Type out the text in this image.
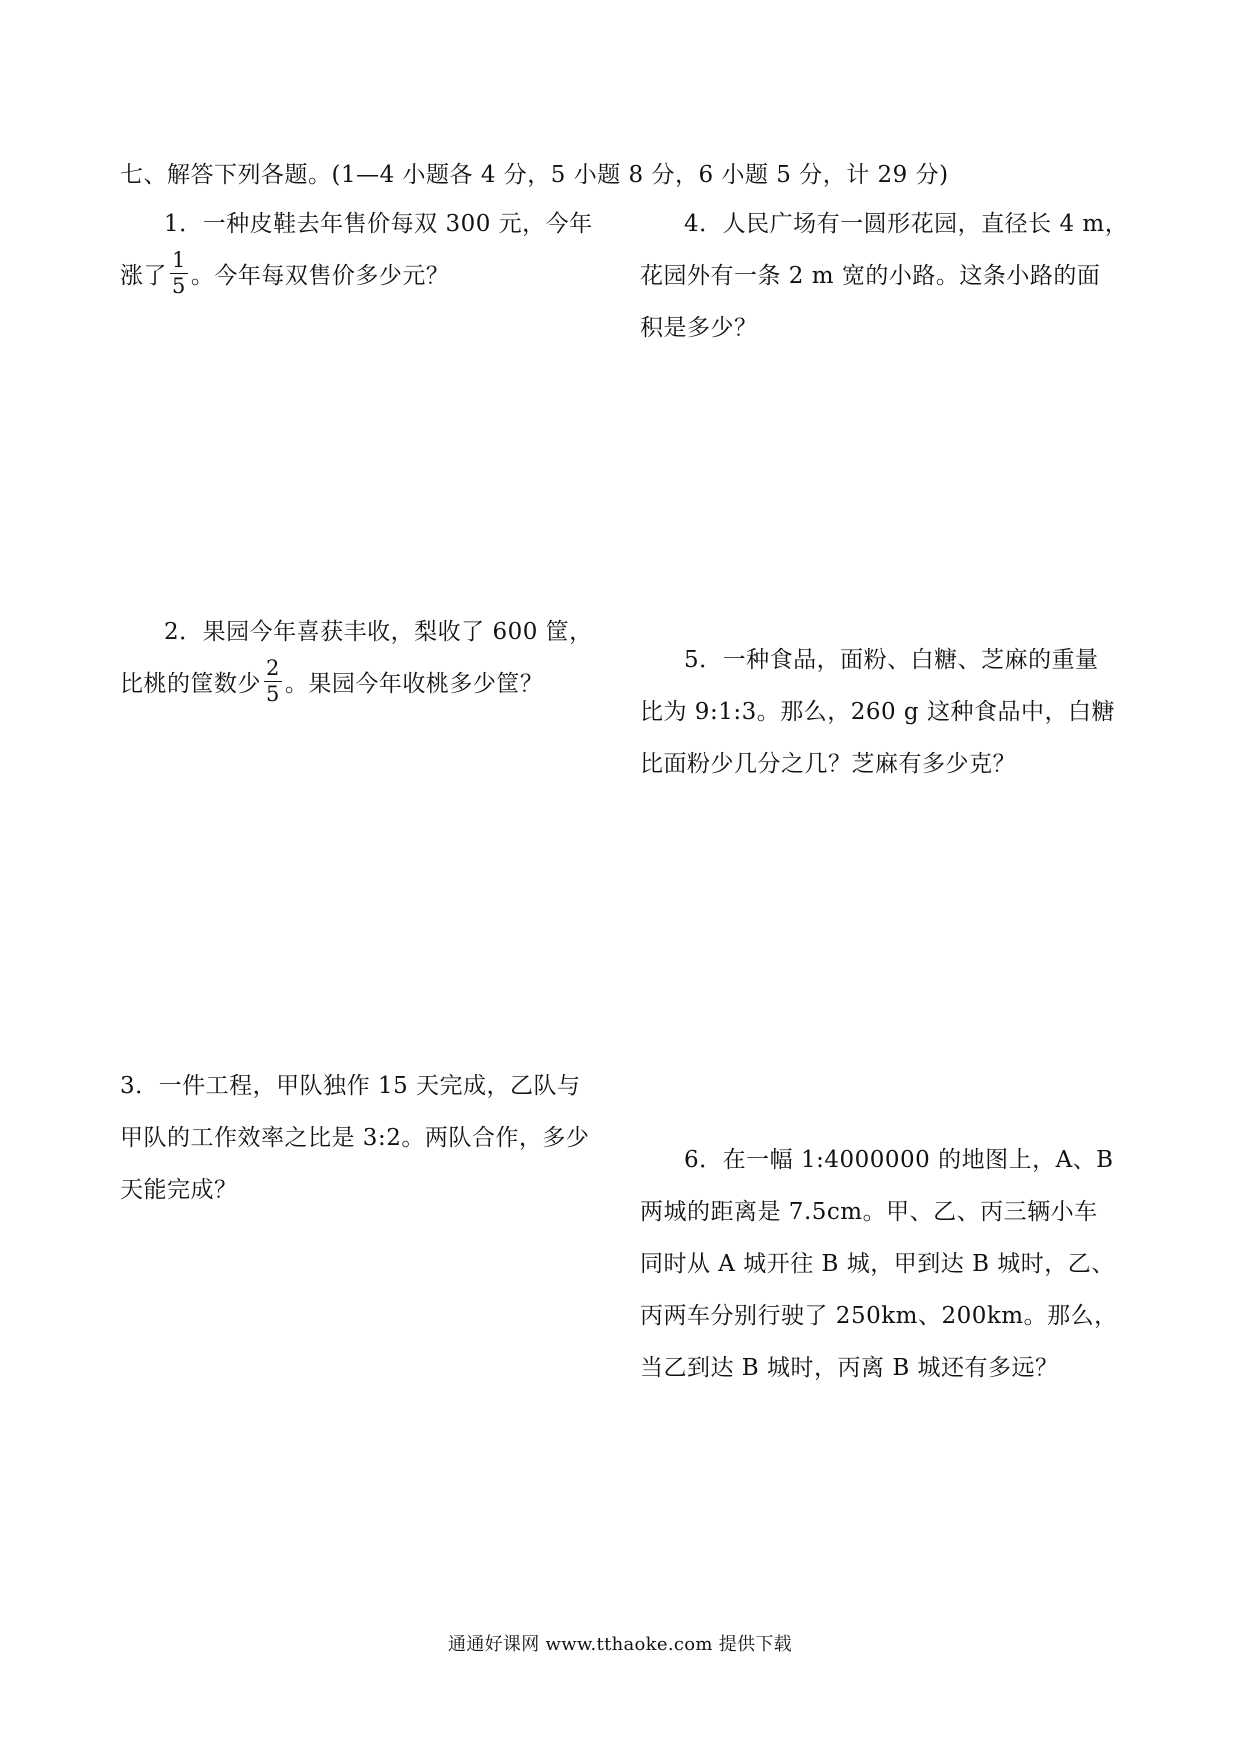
七、解答下列各题。(1—4 小题各 4 分，5 小题 8 分，6 小题 5 分，计 29 分)
1．一种皮鞋去年售价每双 300 元，今年
涨了 $\frac{1}{5}$ 。今年每双售价多少元？
2．果园今年喜获丰收，梨收了 600 筐，
比桃的筐数少 $\frac{2}{5}$ 。果园今年收桃多少筐？
3．一件工程，甲队独作 15 天完成，乙队与
甲队的工作效率之比是 3:2。两队合作，多少
天能完成？
4．人民广场有一圆形花园，直径长 4 m，
花园外有一条 2 m 宽的小路。这条小路的面
积是多少？
5．一种食品，面粉、白糖、芝麻的重量
比为 9:1:3。那么，260 g 这种食品中，白糖
比面粉少几分之几？芝麻有多少克？
6．在一幅 1:4000000 的地图上，A、B
两城的距离是 7.5cm。甲、乙、丙三辆小车
同时从 A 城开往 B 城，甲到达 B 城时，乙、
丙两车分别行驶了 250km、200km。那么，
当乙到达 B 城时，丙离 B 城还有多远？
通通好课网 www.tthaoke.com 提供下载
